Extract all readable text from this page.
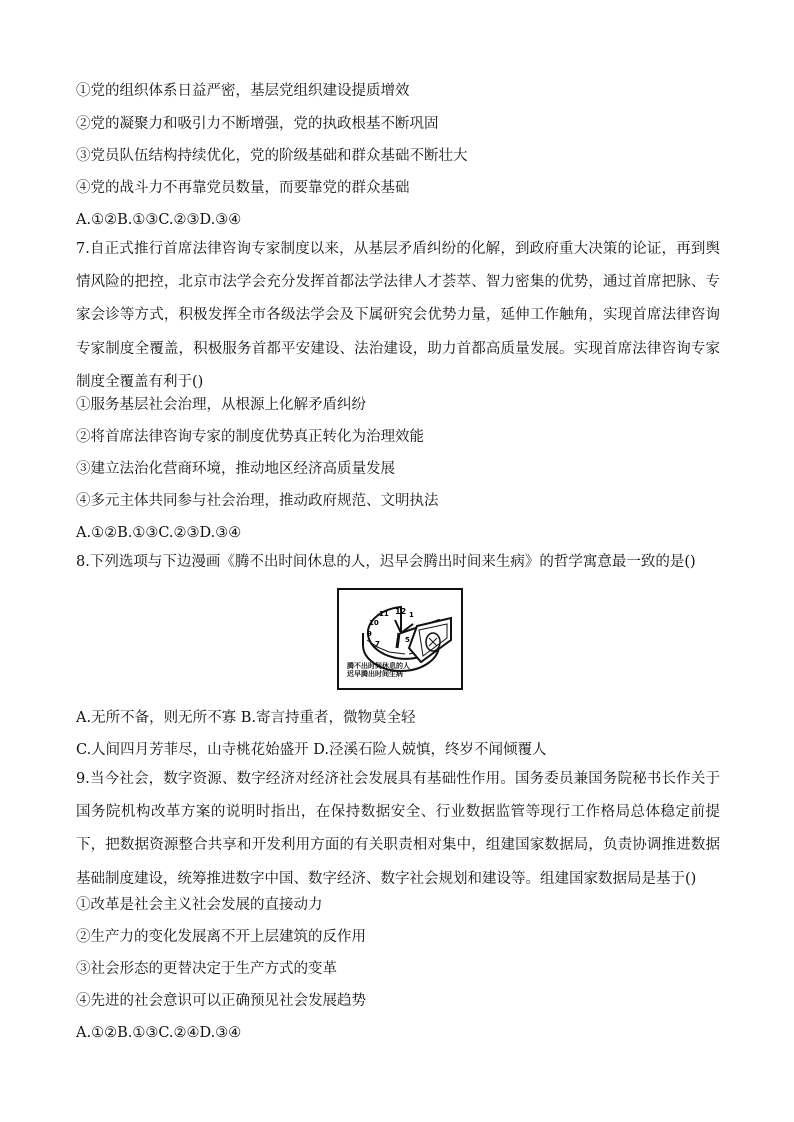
①党的组织体系日益严密，基层党组织建设提质增效
②党的凝聚力和吸引力不断增强，党的执政根基不断巩固
③党员队伍结构持续优化，党的阶级基础和群众基础不断壮大
④党的战斗力不再靠党员数量，而要靠党的群众基础
A.①②B.①③C.②③D.③④
7.自正式推行首席法律咨询专家制度以来，从基层矛盾纠纷的化解，到政府重大决策的论证，再到舆情风险的把控，北京市法学会充分发挥首都法学法律人才荟萃、智力密集的优势，通过首席把脉、专家会诊等方式，积极发挥全市各级法学会及下属研究会优势力量，延伸工作触角，实现首席法律咨询专家制度全覆盖，积极服务首都平安建设、法治建设，助力首都高质量发展。实现首席法律咨询专家制度全覆盖有利于()
①服务基层社会治理，从根源上化解矛盾纠纷
②将首席法律咨询专家的制度优势真正转化为治理效能
③建立法治化营商环境，推动地区经济高质量发展
④多元主体共同参与社会治理，推动政府规范、文明执法
A.①②B.①③C.②③D.③④
8.下列选项与下边漫画《腾不出时间休息的人，迟早会腾出时间来生病》的哲学寓意最一致的是()
12 1
11
10
9
7	5
腾不出时间休息的人
迟早腾出时间生病
A.无所不备，则无所不寡 B.寄言持重者，微物莫全轻
C.人间四月芳菲尽，山寺桃花始盛开 D.泾溪石险人兢慎，终岁不闻倾覆人
9.当今社会，数字资源、数字经济对经济社会发展具有基础性作用。国务委员兼国务院秘书长作关于国务院机构改革方案的说明时指出，在保持数据安全、行业数据监管等现行工作格局总体稳定前提下，把数据资源整合共享和开发利用方面的有关职责相对集中，组建国家数据局，负责协调推进数据基础制度建设，统筹推进数字中国、数字经济、数字社会规划和建设等。组建国家数据局是基于()
①改革是社会主义社会发展的直接动力
②生产力的变化发展离不开上层建筑的反作用
③社会形态的更替决定于生产方式的变革
④先进的社会意识可以正确预见社会发展趋势
A.①②B.①③C.②④D.③④
